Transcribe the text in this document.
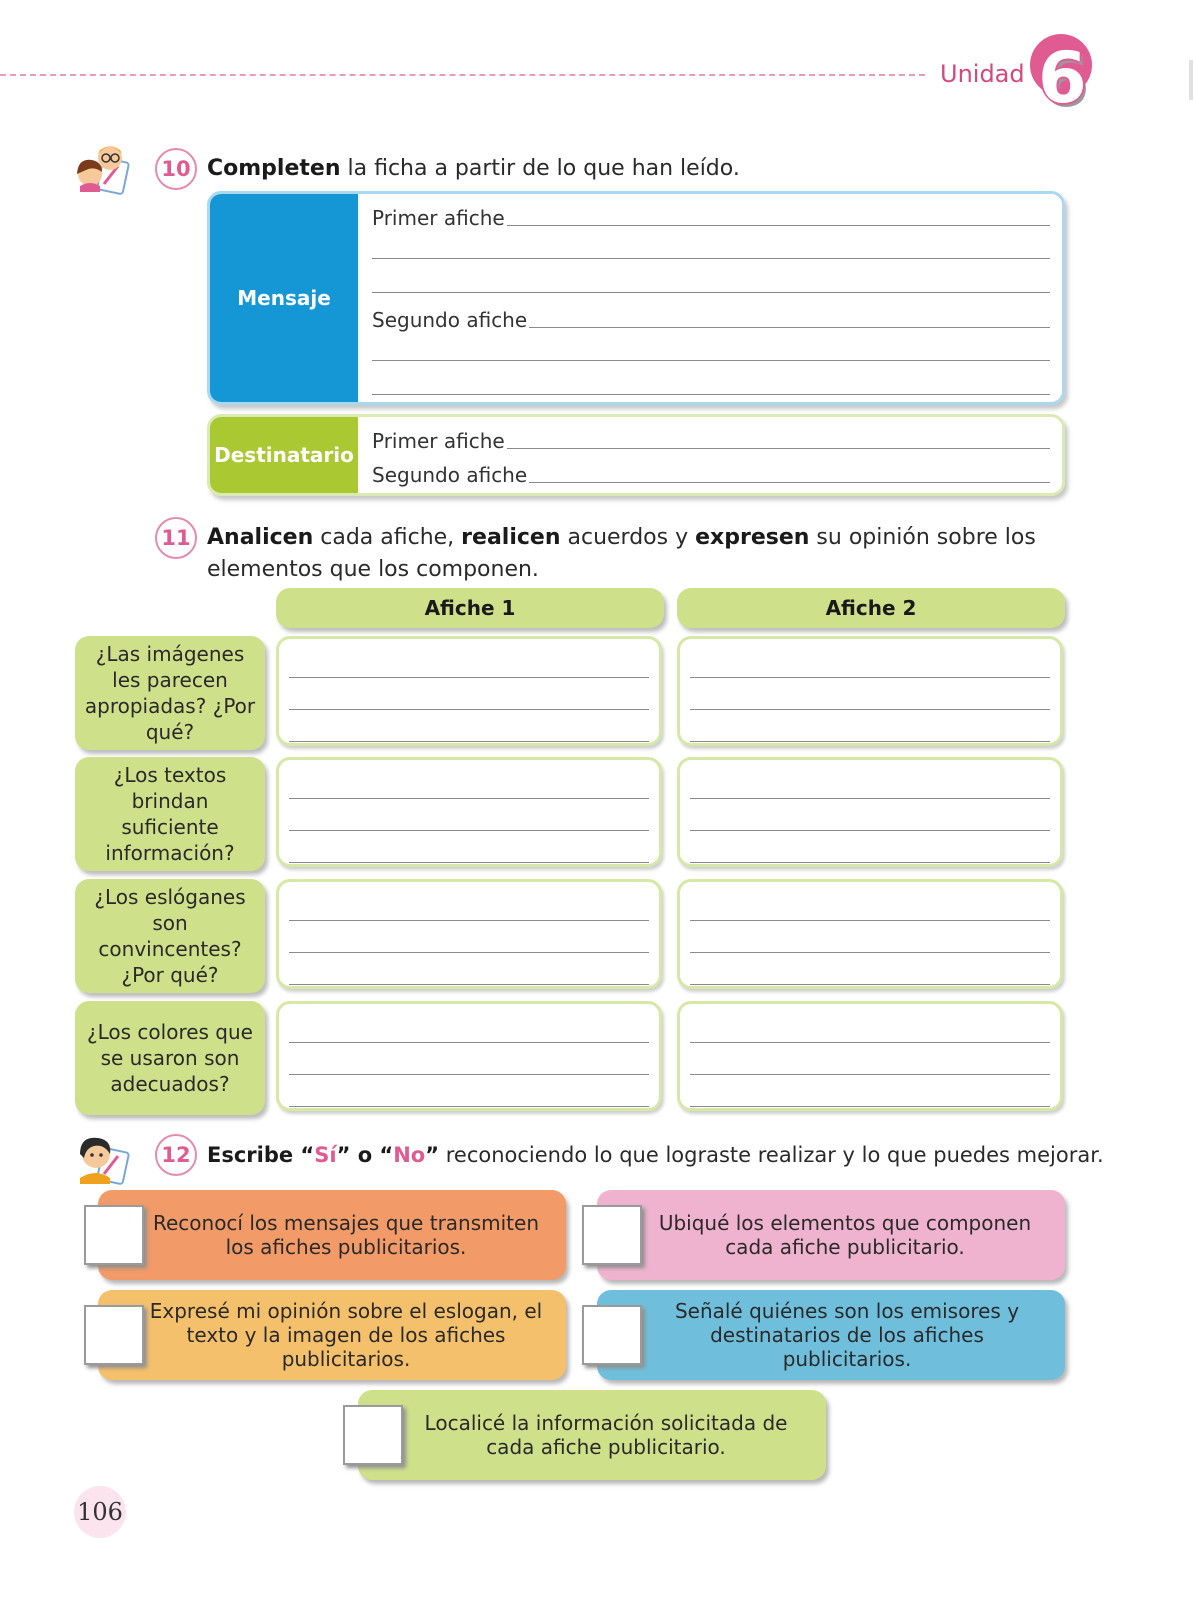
Unidad 6
10 Completen la ficha a partir de lo que han leído.
Mensaje
Primer afiche
Segundo afiche
Destinatario
Primer afiche
Segundo afiche
11 Analicen cada afiche, realicen acuerdos y expresen su opinión sobre los elementos que los componen.
Afiche 1	Afiche 2
¿Las imágenes les parecen apropiadas? ¿Por qué?
¿Los textos brindan suficiente información?
¿Los eslóganes son convincentes? ¿Por qué?
¿Los colores que se usaron son adecuados?
12 Escribe “Sí” o “No” reconociendo lo que lograste realizar y lo que puedes mejorar.
Reconocí los mensajes que transmiten los afiches publicitarios.
Ubiqué los elementos que componen cada afiche publicitario.
Expresé mi opinión sobre el eslogan, el texto y la imagen de los afiches publicitarios.
Señalé quiénes son los emisores y destinatarios de los afiches publicitarios.
Localicé la información solicitada de cada afiche publicitario.
106
